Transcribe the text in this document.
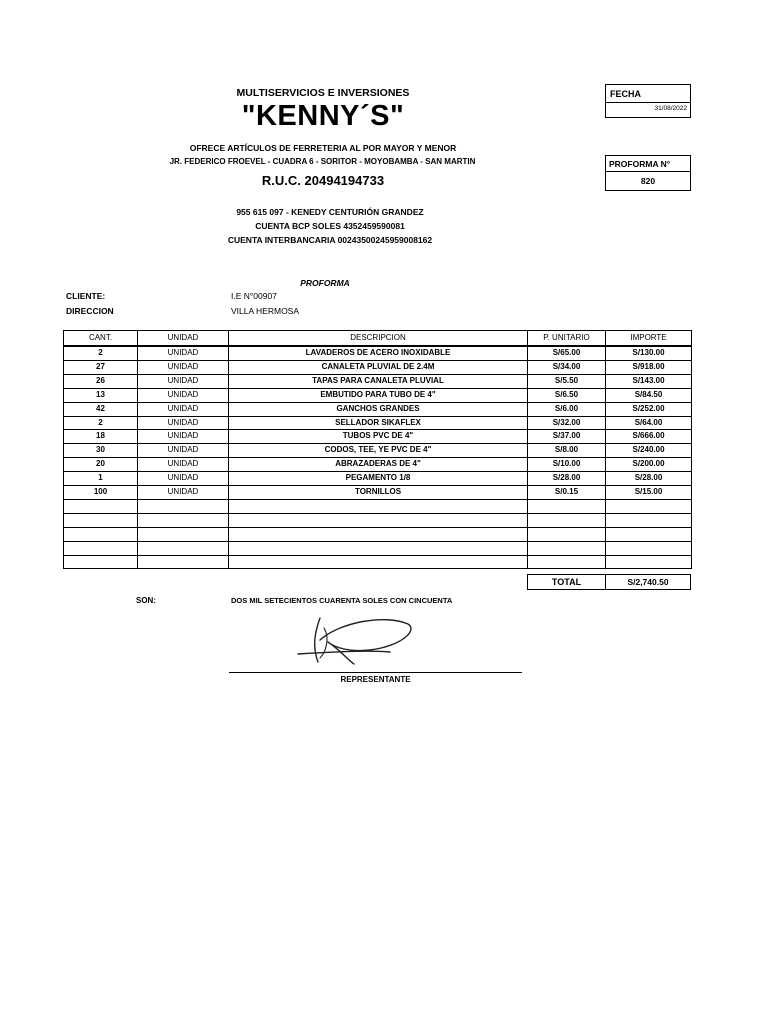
MULTISERVICIOS E INVERSIONES
"KENNY´S"
OFRECE ARTÍCULOS DE FERRETERIA AL POR MAYOR Y MENOR
JR. FEDERICO FROEVEL - CUADRA 6 - SORITOR - MOYOBAMBA - SAN MARTIN
R.U.C. 20494194733
955 615 097 - KENEDY CENTURIÓN GRANDEZ
CUENTA BCP SOLES 4352459590081
CUENTA INTERBANCARIA 00243500245959008162
FECHA
31/08/2022
PROFORMA N°
820
PROFORMA
CLIENTE:	I.E N°00907
DIRECCION	VILLA HERMOSA
CANT.	UNIDAD	DESCRIPCION	P. UNITARIO	IMPORTE
2	UNIDAD	LAVADEROS DE ACERO INOXIDABLE	S/65.00	S/130.00
27	UNIDAD	CANALETA PLUVIAL DE 2.4M	S/34.00	S/918.00
26	UNIDAD	TAPAS PARA CANALETA PLUVIAL	S/5.50	S/143.00
13	UNIDAD	EMBUTIDO PARA TUBO DE 4"	S/6.50	S/84.50
42	UNIDAD	GANCHOS GRANDES	S/6.00	S/252.00
2	UNIDAD	SELLADOR SIKAFLEX	S/32.00	S/64.00
18	UNIDAD	TUBOS PVC DE 4"	S/37.00	S/666.00
30	UNIDAD	CODOS, TEE, YE PVC DE 4"	S/8.00	S/240.00
20	UNIDAD	ABRAZADERAS DE 4"	S/10.00	S/200.00
1	UNIDAD	PEGAMENTO 1/8	S/28.00	S/28.00
100	UNIDAD	TORNILLOS	S/0.15	S/15.00

TOTAL	S/2,740.50
SON:	DOS MIL SETECIENTOS CUARENTA SOLES CON CINCUENTA
REPRESENTANTE
